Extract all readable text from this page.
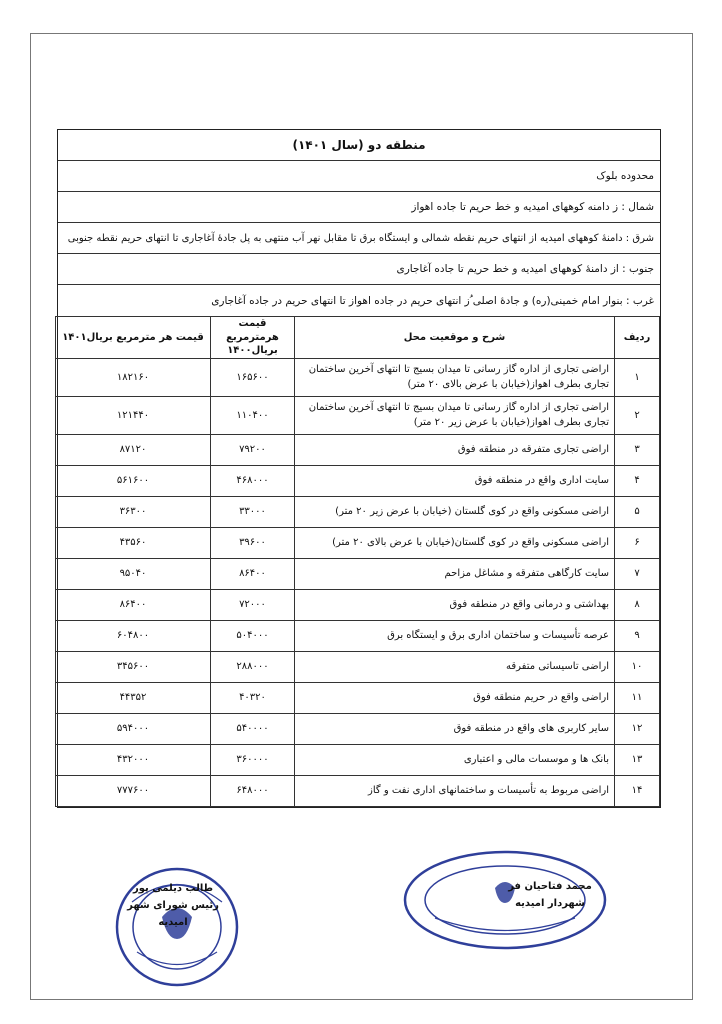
منطقه دو (سال ۱۴۰۱)
محدوده بلوک
شمال : ز دامنه کوههای امیدیه و خط حریم تا جاده اهواز
شرق : دامنهٔ کوههای امیدیه از انتهای حریم نقطه شمالی و ایستگاه برق تا مقابل نهر آب منتهی به پل جادهٔ آغاجاری تا انتهای حریم نقطه جنوبی
جنوب : از دامنهٔ کوههای امیدیه و خط حریم تا جاده آغاجاری
غرب : بنوار امام خمینی(ره) و جادهٔ اصلی ُز انتهای حریم در جاده اهواز تا انتهای حریم در جاده آغاجاری
ردیف	شرح و موقعیت محل	قیمت هرمترمربع بریال۱۴۰۰	قیمت هر مترمربع بریال۱۴۰۱
۱	اراضی تجاری از اداره گاز رسانی تا میدان بسیج تا انتهای آخرین ساختمان تجاری بطرف اهواز(خیابان با عرض بالای ۲۰ متر)	۱۶۵۶۰۰	۱۸۲۱۶۰
۲	اراضی تجاری از اداره گاز رسانی تا میدان بسیج تا انتهای آخرین ساختمان تجاری بطرف اهواز(خیابان با عرض زیر ۲۰ متر)	۱۱۰۴۰۰	۱۲۱۴۴۰
۳	اراضی تجاری متفرقه در منطقه فوق	۷۹۲۰۰	۸۷۱۲۰
۴	سایت اداری واقع در منطقه فوق	۴۶۸۰۰۰	۵۶۱۶۰۰
۵	اراضی مسکونی واقع در کوی گلستان (خیابان با عرض زیر ۲۰ متر)	۳۳۰۰۰	۳۶۳۰۰
۶	اراضی مسکونی واقع در کوی گلستان(خیابان با عرض بالای ۲۰ متر)	۳۹۶۰۰	۴۳۵۶۰
۷	سایت کارگاهی متفرقه و مشاغل مزاحم	۸۶۴۰۰	۹۵۰۴۰
۸	بهداشتی و درمانی واقع در منطقه فوق	۷۲۰۰۰	۸۶۴۰۰
۹	عرصه تأسیسات و ساختمان اداری برق و ایستگاه برق	۵۰۴۰۰۰	۶۰۴۸۰۰
۱۰	اراضی تاسیساتی متفرقه	۲۸۸۰۰۰	۳۴۵۶۰۰
۱۱	اراضی واقع در حریم منطقه فوق	۴۰۳۲۰	۴۴۳۵۲
۱۲	سایر کاربری های واقع در منطقه فوق	۵۴۰۰۰۰	۵۹۴۰۰۰
۱۳	بانک ها و موسسات مالی و اعتباری	۳۶۰۰۰۰	۴۳۲۰۰۰
۱۴	اراضی مربوط به تأسیسات و ساختمانهای اداری نفت و گاز	۶۴۸۰۰۰	۷۷۷۶۰۰
طالب دیلمی پور
رئیس شورای شهر امیدیه
محمد فتاحیان فر
شهردار امیدیه
